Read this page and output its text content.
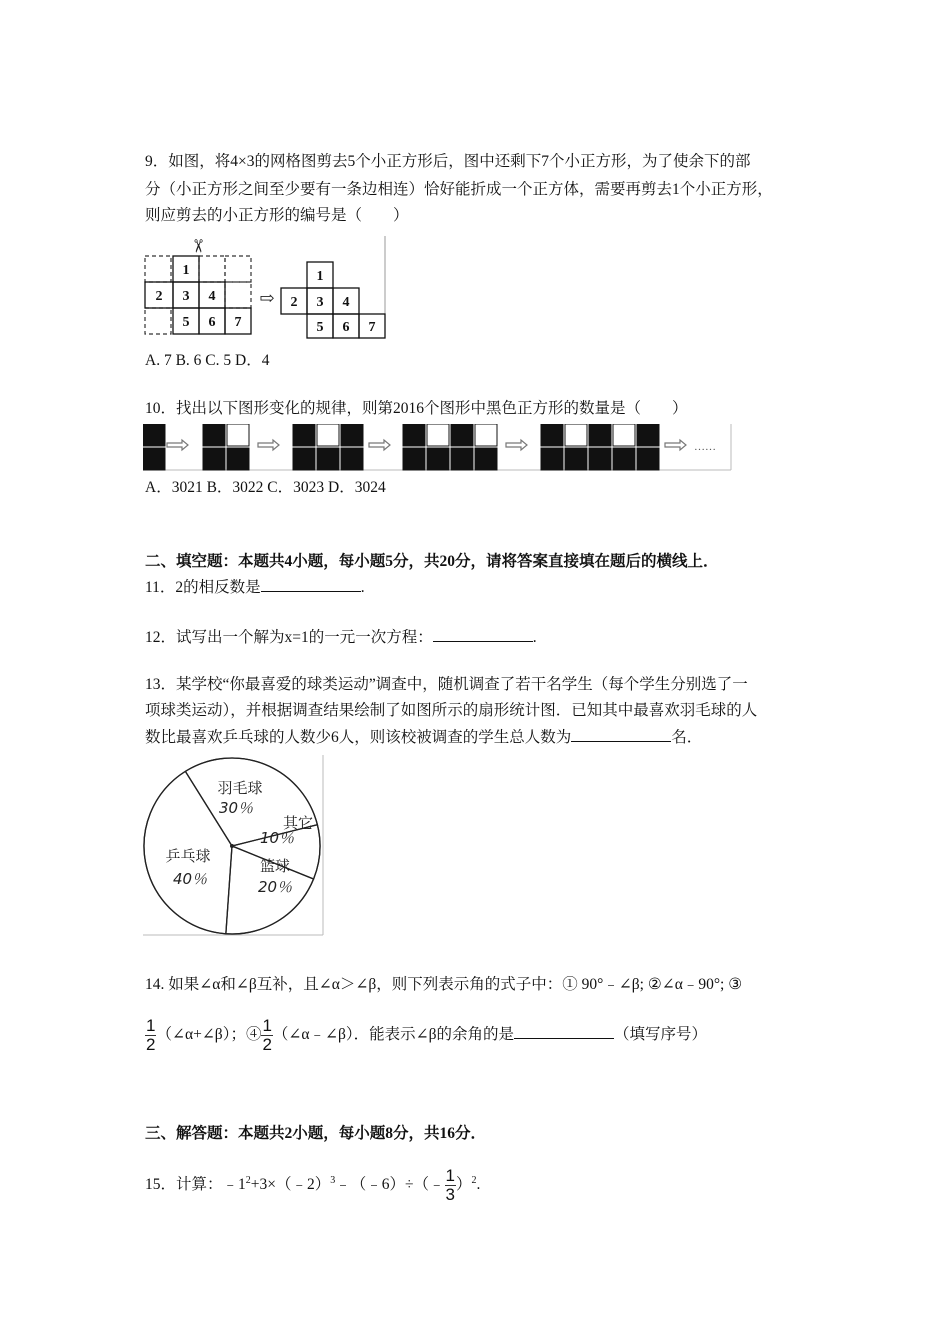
9．如图，将4×3的网格图剪去5个小正方形后，图中还剩下7个小正方形，为了使余下的部
分（小正方形之间至少要有一条边相连）恰好能折成一个正方体，需要再剪去1个小正方形，
则应剪去的小正方形的编号是（　　）
1
2 3 4
5 6 7
✂
⇨
1
2 3 4
5 6 7
A. 7 B. 6 C. 5 D．4
10．找出以下图形变化的规律，则第2016个图形中黑色正方形的数量是（　　）
……
A．3021 B．3022 C．3023 D．3024
二、填空题：本题共4小题，每小题5分，共20分，请将答案直接填在题后的横线上．
11．2的相反数是	.
12．试写出一个解为x=1的一元一次方程：	.
13．某学校“你最喜爱的球类运动”调查中，随机调查了若干名学生（每个学生分别选了一
项球类运动），并根据调查结果绘制了如图所示的扇形统计图．已知其中最喜欢羽毛球的人
数比最喜欢乒乓球的人数少6人，则该校被调查的学生总人数为	名．
羽毛球
30％
其它
10％
篮球
20％
乒乓球
40％
14. 如果∠α和∠β互补，且∠α＞∠β，则下列表示角的式子中：① 90°﹣∠β; ②∠α﹣90°; ③
$\frac{1}{2}$ （∠α+∠β）；④ $\frac{1}{2}$ （∠α﹣∠β）．能表示∠β的余角的是	（填写序号）
三、解答题：本题共2小题，每小题8分，共16分．
15．计算：$﹣1^2+3\times(﹣2)^3﹣(﹣6)\div(﹣ \frac{1}{3} )^2$.
